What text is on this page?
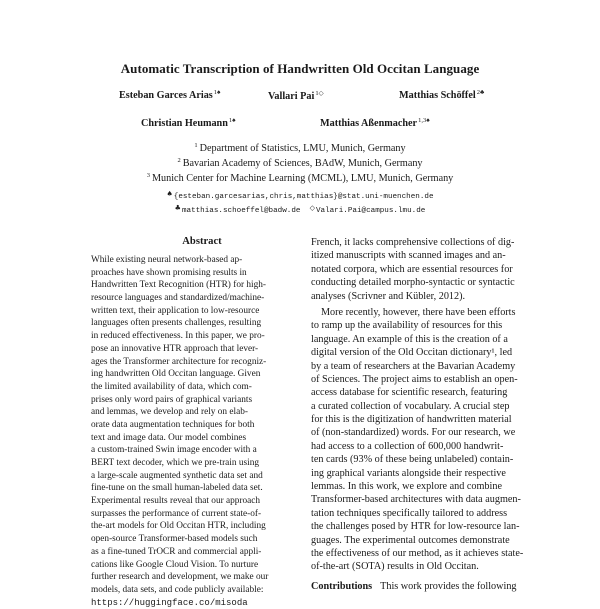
Automatic Transcription of Handwritten Old Occitan Language
Esteban Garces Arias$^{1♠}$	Vallari Pai$^{1◇}$	Matthias Schöffel$^{2♣}$
Christian Heumann$^{1♠}$	Matthias Aßenmacher$^{1,3♠}$
$^1$ Department of Statistics, LMU, Munich, Germany
$^2$ Bavarian Academy of Sciences, BAdW, Munich, Germany
$^3$ Munich Center for Machine Learning (MCML), LMU, Munich, Germany
♠{esteban.garcesarias,chris,matthias}@stat.uni-muenchen.de
♣matthias.schoeffel@badw.de ◇Valari.Pai@campus.lmu.de
Abstract
While existing neural network-based ap-
proaches have shown promising results in
Handwritten Text Recognition (HTR) for high-
resource languages and standardized/machine-
written text, their application to low-resource
languages often presents challenges, resulting
in reduced effectiveness. In this paper, we pro-
pose an innovative HTR approach that lever-
ages the Transformer architecture for recogniz-
ing handwritten Old Occitan language. Given
the limited availability of data, which com-
prises only word pairs of graphical variants
and lemmas, we develop and rely on elab-
orate data augmentation techniques for both
text and image data. Our model combines
a custom-trained Swin image encoder with a
BERT text decoder, which we pre-train using
a large-scale augmented synthetic data set and
fine-tune on the small human-labeled data set.
Experimental results reveal that our approach
surpasses the performance of current state-of-
the-art models for Old Occitan HTR, including
open-source Transformer-based models such
as a fine-tuned TrOCR and commercial appli-
cations like Google Cloud Vision. To nurture
further research and development, we make our
models, data sets, and code publicly available:
https://huggingface.co/misoda
French, it lacks comprehensive collections of dig-
itized manuscripts with scanned images and an-
notated corpora, which are essential resources for
conducting detailed morpho-syntactic or syntactic
analyses (Scrivner and Kübler, 2012).
More recently, however, there have been efforts
to ramp up the availability of resources for this
language. An example of this is the creation of a
digital version of the Old Occitan dictionary¹, led
by a team of researchers at the Bavarian Academy
of Sciences. The project aims to establish an open-
access database for scientific research, featuring
a curated collection of vocabulary. A crucial step
for this is the digitization of handwritten material
of (non-standardized) words. For our research, we
had access to a collection of 600,000 handwrit-
ten cards (93% of these being unlabeled) contain-
ing graphical variants alongside their respective
lemmas. In this work, we explore and combine
Transformer-based architectures with data augmen-
tation techniques specifically tailored to address
the challenges posed by HTR for low-resource lan-
guages. The experimental outcomes demonstrate
the effectiveness of our method, as it achieves state-
of-the-art (SOTA) results in Old Occitan.
Contributions This work provides the following
